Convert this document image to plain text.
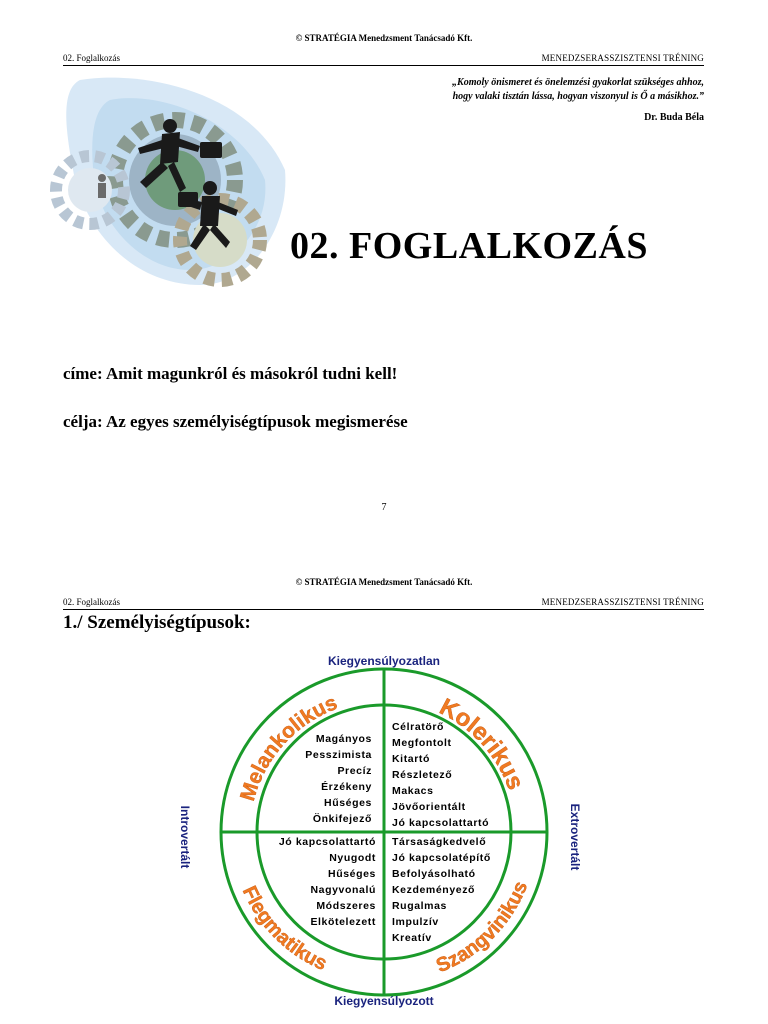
© STRATÉGIA Menedzsment Tanácsadó Kft.
02. Foglalkozás	MENEDZSERASSZISZTENSI TRÉNING
„Komoly önismeret és önelemzési gyakorlat szükséges ahhoz,
hogy valaki tisztán lássa, hogyan viszonyul is Ő a másikhoz.”
Dr. Buda Béla
02. FOGLALKOZÁS
címe: Amit magunkról és másokról tudni kell!
célja: Az egyes személyiségtípusok megismerése
7
© STRATÉGIA Menedzsment Tanácsadó Kft.
02. Foglalkozás	MENEDZSERASSZISZTENSI TRÉNING
1./ Személyiségtípusok:
Melankolikus	Kolerikus
Flegmatikus	Szangvinikus
Kiegyensúlyozatlan
Kiegyensúlyozott
Introvertált	Extrovertált
Magányos
Pesszimista
Precíz
Érzékeny
Hűséges
Önkifejező
Célratörő
Megfontolt
Kitartó
Részletező
Makacs
Jövőorientált
Jó kapcsolattartó
Jó kapcsolattartó
Nyugodt
Hűséges
Nagyvonalú
Módszeres
Elkötelezett
Társaságkedvelő
Jó kapcsolatépítő
Befolyásolható
Kezdeményező
Rugalmas
Impulzív
Kreatív
